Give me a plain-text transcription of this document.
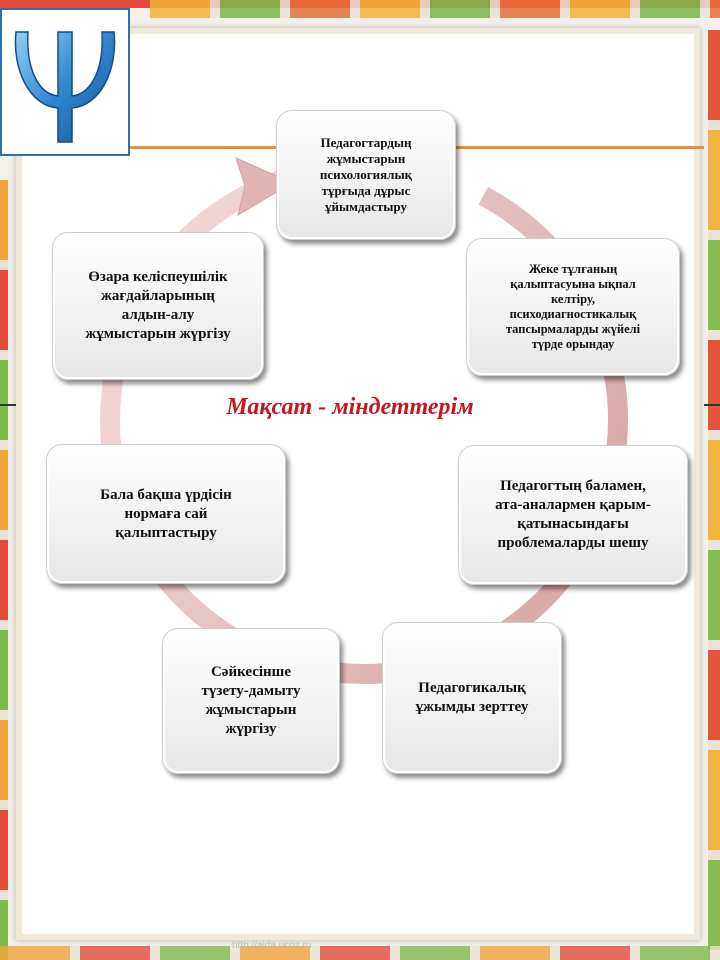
Мақсат - міндеттерім
Педагогтардың
жұмыстарын
психологиялық
тұрғыда дұрыс
ұйымдастыру
Жеке тұлғаның
қалыптасуына ықпал
келтіру,
психодиагностикалық
тапсырмаларды жүйелі
түрде орындау
Педагогтың баламен,
ата-аналармен қарым-
қатынасындағы
проблемаларды шешу
Педагогикалық
ұжымды зерттеу
Сәйкесінше
түзету-дамыту
жұмыстарын
жүргізу
Бала бақша үрдісін
нормаға сай
қалыптастыру
Өзара келіспеушілік
жағдайларының
алдын-алу
жұмыстарын жүргізу
http://aida.ucoz.ru
